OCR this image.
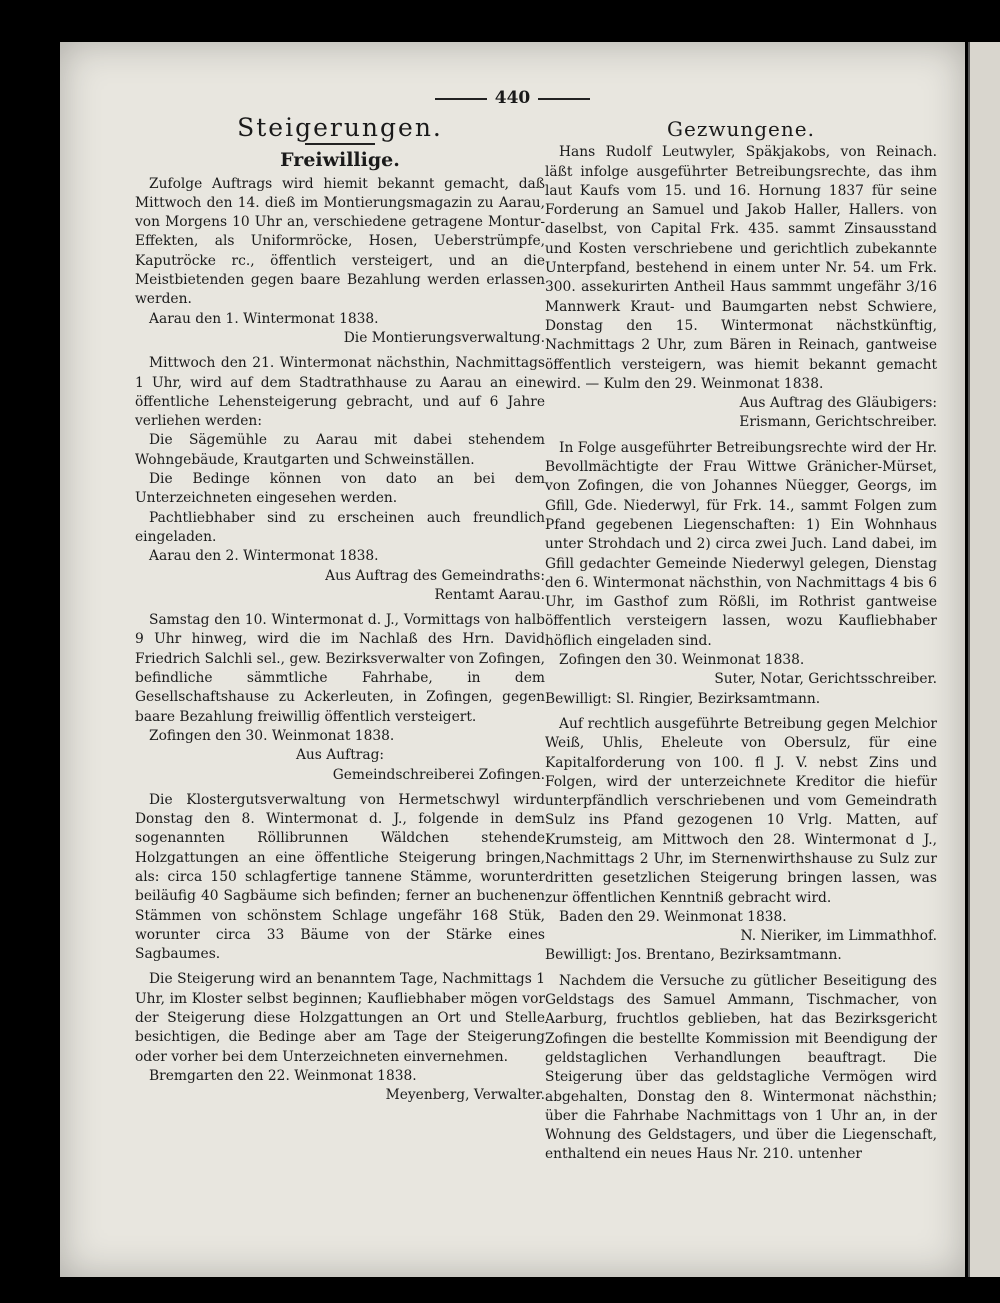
440
Steigerungen.
Freiwillige.

Zufolge Auftrags wird hiemit bekannt gemacht, daß Mittwoch den 14. dieß im Montierungsmagazin zu Aarau, von Morgens 10 Uhr an, verschiedene getragene Montur-Effekten, als Uniformröcke, Hosen, Ueberstrümpfe, Kaputröcke rc., öffentlich versteigert, und an die Meistbietenden gegen baare Bezahlung werden erlassen werden.

Aarau den 1. Wintermonat 1838.

Die Montierungsverwaltung.

Mittwoch den 21. Wintermonat nächsthin, Nachmittags 1 Uhr, wird auf dem Stadtrathhause zu Aarau an eine öffentliche Lehensteigerung gebracht, und auf 6 Jahre verliehen werden:

Die Sägemühle zu Aarau mit dabei stehendem Wohngebäude, Krautgarten und Schweinställen.

Die Bedinge können von dato an bei dem Unterzeichneten eingesehen werden.

Pachtliebhaber sind zu erscheinen auch freundlich eingeladen.

Aarau den 2. Wintermonat 1838.

Aus Auftrag des Gemeindraths:

Rentamt Aarau.

Samstag den 10. Wintermonat d. J., Vormittags von halb 9 Uhr hinweg, wird die im Nachlaß des Hrn. David Friedrich Salchli sel., gew. Bezirksverwalter von Zofingen, befindliche sämmtliche Fahrhabe, in dem Gesellschaftshause zu Ackerleuten, in Zofingen, gegen baare Bezahlung freiwillig öffentlich versteigert.

Zofingen den 30. Weinmonat 1838.

Aus Auftrag:

Gemeindschreiberei Zofingen.

Die Klostergutsverwaltung von Hermetschwyl wird Donstag den 8. Wintermonat d. J., folgende in dem sogenannten Röllibrunnen Wäldchen stehende Holzgattungen an eine öffentliche Steigerung bringen, als: circa 150 schlagfertige tannene Stämme, worunter beiläufig 40 Sagbäume sich befinden; ferner an buchenen Stämmen von schönstem Schlage ungefähr 168 Stük, worunter circa 33 Bäume von der Stärke eines Sagbaumes.

Die Steigerung wird an benanntem Tage, Nachmittags 1 Uhr, im Kloster selbst beginnen; Kaufliebhaber mögen vor der Steigerung diese Holzgattungen an Ort und Stelle besichtigen, die Bedinge aber am Tage der Steigerung oder vorher bei dem Unterzeichneten einvernehmen.

Bremgarten den 22. Weinmonat 1838.

Meyenberg, Verwalter.

Gezwungene.

Hans Rudolf Leutwyler, Späkjakobs, von Reinach. läßt infolge ausgeführter Betreibungsrechte, das ihm laut Kaufs vom 15. und 16. Hornung 1837 für seine Forderung an Samuel und Jakob Haller, Hallers. von daselbst, von Capital Frk. 435. sammt Zinsausstand und Kosten verschriebene und gerichtlich zubekannte Unterpfand, bestehend in einem unter Nr. 54. um Frk. 300. assekurirten Antheil Haus sammmt ungefähr 3/16 Mannwerk Kraut- und Baumgarten nebst Schwiere, Donstag den 15. Wintermonat nächstkünftig, Nachmittags 2 Uhr, zum Bären in Reinach, gantweise öffentlich versteigern, was hiemit bekannt gemacht wird. — Kulm den 29. Weinmonat 1838.

Aus Auftrag des Gläubigers:

Erismann, Gerichtschreiber.

In Folge ausgeführter Betreibungsrechte wird der Hr. Bevollmächtigte der Frau Wittwe Gränicher-Mürset, von Zofingen, die von Johannes Nüegger, Georgs, im Gfill, Gde. Niederwyl, für Frk. 14., sammt Folgen zum Pfand gegebenen Liegenschaften: 1) Ein Wohnhaus unter Strohdach und 2) circa zwei Juch. Land dabei, im Gfill gedachter Gemeinde Niederwyl gelegen, Dienstag den 6. Wintermonat nächsthin, von Nachmittags 4 bis 6 Uhr, im Gasthof zum Rößli, im Rothrist gantweise öffentlich versteigern lassen, wozu Kaufliebhaber höflich eingeladen sind.

Zofingen den 30. Weinmonat 1838.

Suter, Notar, Gerichtsschreiber.

Bewilligt: Sl. Ringier, Bezirksamtmann.

Auf rechtlich ausgeführte Betreibung gegen Melchior Weiß, Uhlis, Eheleute von Obersulz, für eine Kapitalforderung von 100. fl J. V. nebst Zins und Folgen, wird der unterzeichnete Kreditor die hiefür unterpfändlich verschriebenen und vom Gemeindrath Sulz ins Pfand gezogenen 10 Vrlg. Matten, auf Krumsteig, am Mittwoch den 28. Wintermonat d J., Nachmittags 2 Uhr, im Sternenwirthshause zu Sulz zur dritten gesetzlichen Steigerung bringen lassen, was zur öffentlichen Kenntniß gebracht wird.

Baden den 29. Weinmonat 1838.

N. Nieriker, im Limmathhof.

Bewilligt: Jos. Brentano, Bezirksamtmann.

Nachdem die Versuche zu gütlicher Beseitigung des Geldstags des Samuel Ammann, Tischmacher, von Aarburg, fruchtlos geblieben, hat das Bezirksgericht Zofingen die bestellte Kommission mit Beendigung der geldstaglichen Verhandlungen beauftragt. Die Steigerung über das geldstagliche Vermögen wird abgehalten, Donstag den 8. Wintermonat nächsthin; über die Fahrhabe Nachmittags von 1 Uhr an, in der Wohnung des Geldstagers, und über die Liegenschaft, enthaltend ein neues Haus Nr. 210. untenher
